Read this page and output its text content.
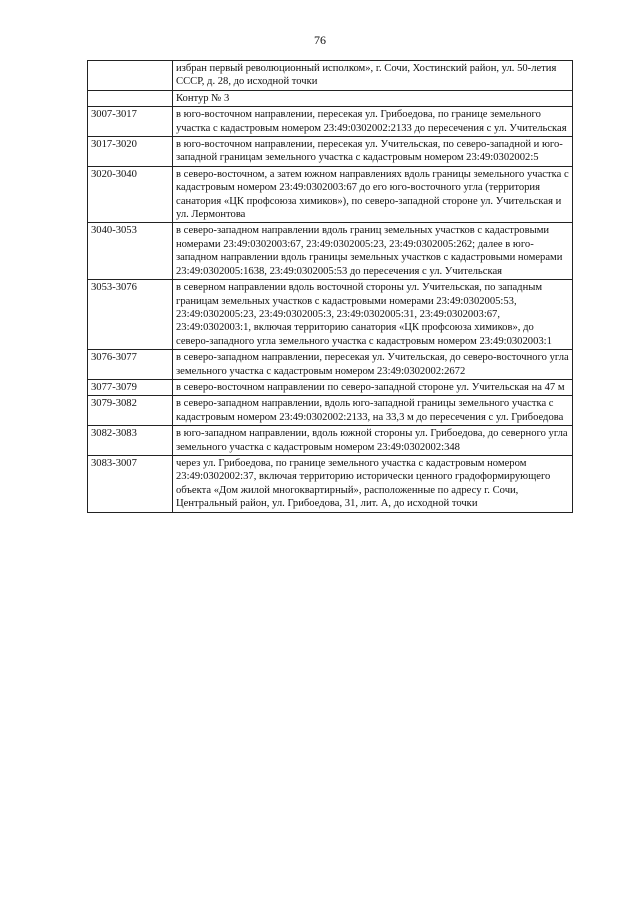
76
	избран первый революционный исполком», г. Сочи, Хостинский район, ул. 50-летия СССР, д. 28, до исходной точки
	Контур № 3
3007-3017	в юго-восточном направлении, пересекая ул. Грибоедова, по границе земельного участка с кадастровым номером 23:49:0302002:2133 до пересечения с ул. Учительская
3017-3020	в юго-восточном направлении, пересекая ул. Учительская, по северо-западной и юго-западной границам земельного участка с кадастровым номером 23:49:0302002:5
3020-3040	в северо-восточном, а затем южном направлениях вдоль границы земельного участка с кадастровым номером 23:49:0302003:67 до его юго-восточного угла (территория санатория «ЦК профсоюза химиков»), по северо-западной стороне ул. Учительская и ул. Лермонтова
3040-3053	в северо-западном направлении вдоль границ земельных участков с кадастровыми номерами 23:49:0302003:67, 23:49:0302005:23, 23:49:0302005:262; далее в юго-западном направлении вдоль границы земельных участков с кадастровыми номерами 23:49:0302005:1638, 23:49:0302005:53 до пересечения с ул. Учительская
3053-3076	в северном направлении вдоль восточной стороны ул. Учительская, по западным границам земельных участков с кадастровыми номерами 23:49:0302005:53, 23:49:0302005:23, 23:49:0302005:3, 23:49:0302005:31, 23:49:0302003:67, 23:49:0302003:1, включая территорию санатория «ЦК профсоюза химиков», до северо-западного угла земельного участка с кадастровым номером 23:49:0302003:1
3076-3077	в северо-западном направлении, пересекая ул. Учительская, до северо-восточного угла земельного участка с кадастровым номером 23:49:0302002:2672
3077-3079	в северо-восточном направлении по северо-западной стороне ул. Учительская на 47 м
3079-3082	в северо-западном направлении, вдоль юго-западной границы земельного участка с кадастровым номером 23:49:0302002:2133, на 33,3 м до пересечения с ул. Грибоедова
3082-3083	в юго-западном направлении, вдоль южной стороны ул. Грибоедова, до северного угла земельного участка с кадастровым номером 23:49:0302002:348
3083-3007	через ул. Грибоедова, по границе земельного участка с кадастровым номером 23:49:0302002:37, включая территорию исторически ценного градоформирующего объекта «Дом жилой многоквартирный», расположенные по адресу г. Сочи, Центральный район, ул. Грибоедова, 31, лит. А, до исходной точки
